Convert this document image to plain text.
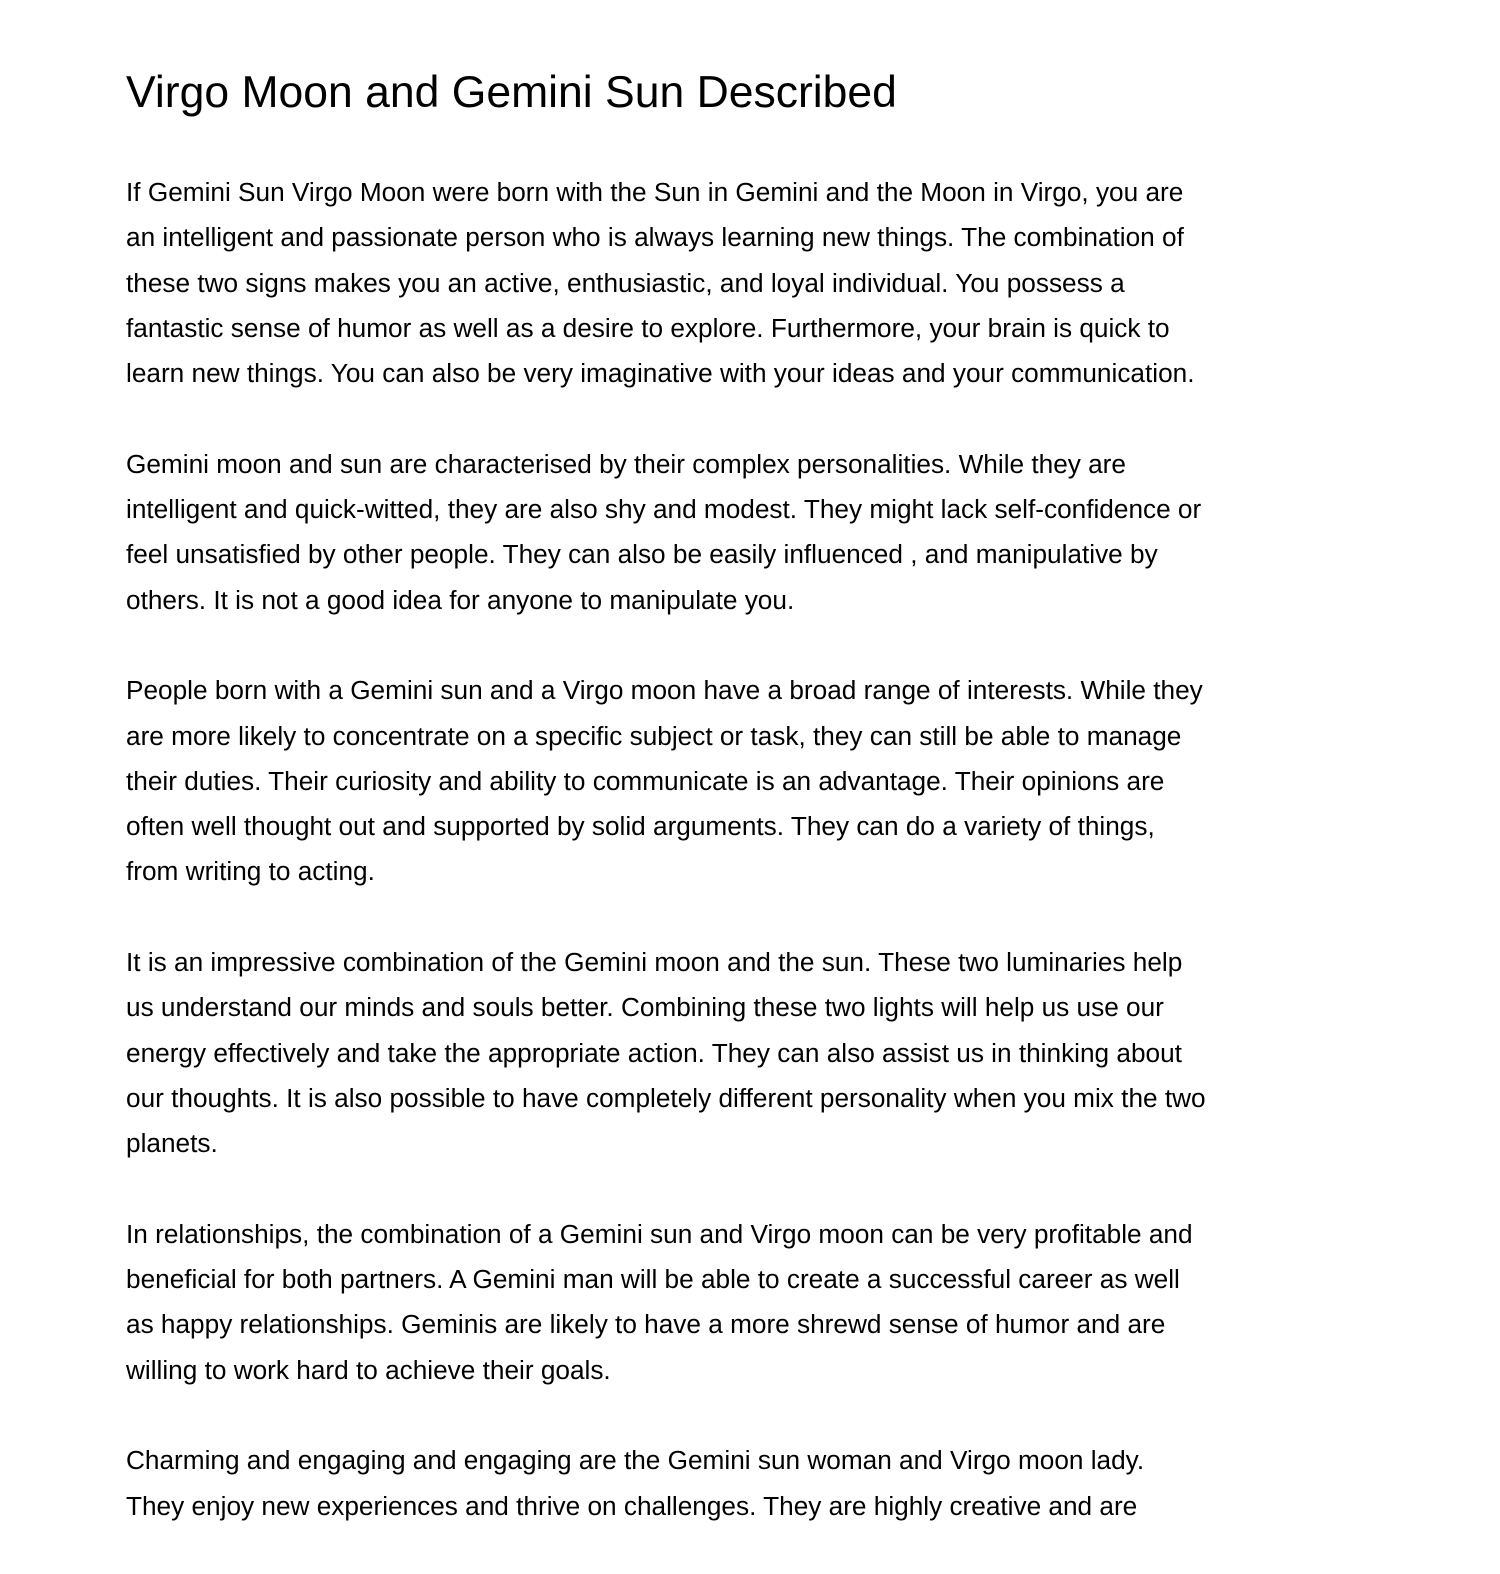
Virgo Moon and Gemini Sun Described

If Gemini Sun Virgo Moon were born with the Sun in Gemini and the Moon in Virgo, you are
an intelligent and passionate person who is always learning new things. The combination of
these two signs makes you an active, enthusiastic, and loyal individual. You possess a
fantastic sense of humor as well as a desire to explore. Furthermore, your brain is quick to
learn new things. You can also be very imaginative with your ideas and your communication.

Gemini moon and sun are characterised by their complex personalities. While they are
intelligent and quick-witted, they are also shy and modest. They might lack self-confidence or
feel unsatisfied by other people. They can also be easily influenced , and manipulative by
others. It is not a good idea for anyone to manipulate you.

People born with a Gemini sun and a Virgo moon have a broad range of interests. While they
are more likely to concentrate on a specific subject or task, they can still be able to manage
their duties. Their curiosity and ability to communicate is an advantage. Their opinions are
often well thought out and supported by solid arguments. They can do a variety of things,
from writing to acting.

It is an impressive combination of the Gemini moon and the sun. These two luminaries help
us understand our minds and souls better. Combining these two lights will help us use our
energy effectively and take the appropriate action. They can also assist us in thinking about
our thoughts. It is also possible to have completely different personality when you mix the two
planets.

In relationships, the combination of a Gemini sun and Virgo moon can be very profitable and
beneficial for both partners. A Gemini man will be able to create a successful career as well
as happy relationships. Geminis are likely to have a more shrewd sense of humor and are
willing to work hard to achieve their goals.

Charming and engaging and engaging are the Gemini sun woman and Virgo moon lady.
They enjoy new experiences and thrive on challenges. They are highly creative and are
